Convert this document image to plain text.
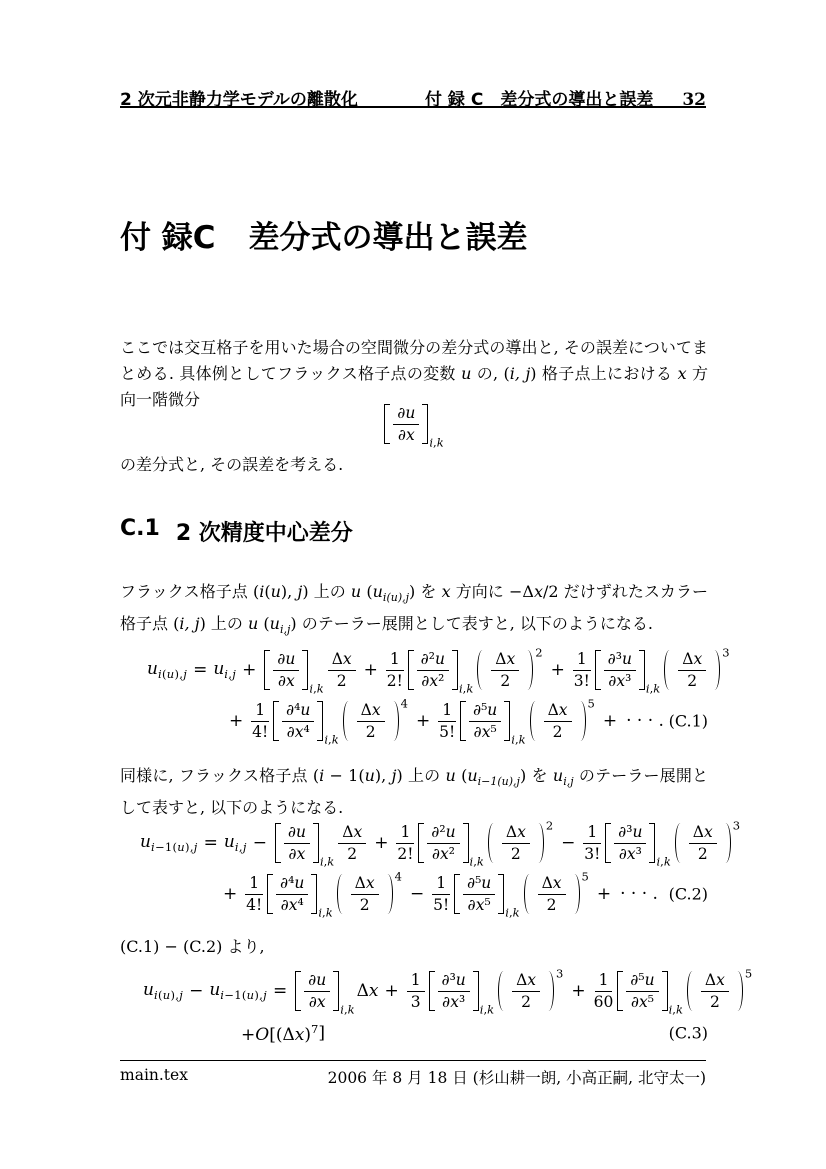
2 次元非静力学モデルの離散化	付 録 C　差分式の導出と誤差 32
付 録C 差分式の導出と誤差

ここでは交互格子を用いた場合の空間微分の差分式の導出と, その誤差についてまとめる. 具体例としてフラックス格子点の変数 u の, (i, j) 格子点上における x 方向一階微分

$\frac{\partial u}{\partial x} i,k$

の差分式と, その誤差を考える.

C.1 2 次精度中心差分

フラックス格子点 (i(u), j) 上の u $(u_{i(u),j})$ を x 方向に −Δx/2 だけずれたスカラー格子点 (i, j) 上の u $(u_{i,j})$ のテーラー展開として表すと, 以下のようになる.

$u_{i(u),j} = u_{i,j} + \frac{\partial u}{\partial x} i,k \frac{\Delta x}{2} + \frac{1}{2!} \frac{\text{∂²u}}{\text{∂x²}} i,k \frac{\Delta x}{2} 2$
+ $\frac{1}{3!} \frac{\text{∂³u}}{\text{∂x³}} i,k \frac{\Delta x}{2} 3$
+ $\frac{1}{4!} \frac{\text{∂⁴u}}{\text{∂x⁴}} i,k \frac{\Delta x}{2} 4$
+ $\frac{1}{5!} \frac{\text{∂⁵u}}{\text{∂x⁵}} i,k \frac{\Delta x}{2} 5$
+ · · · . (C.1)

同様に, フラックス格子点 (i − 1(u), j) 上の u $(u_{i-1(u),j})$ を $u_{i,j}$ のテーラー展開として表すと, 以下のようになる.

$u_{i-1(u),j} = u_{i,j} - \frac{\partial u}{\partial x} i,k \frac{\Delta x}{2} + \frac{1}{2!} \frac{\text{∂²u}}{\text{∂x²}} i,k \frac{\Delta x}{2} 2$
− $\frac{1}{3!} \frac{\text{∂³u}}{\text{∂x³}} i,k \frac{\Delta x}{2} 3$
+ $\frac{1}{4!} \frac{\text{∂⁴u}}{\text{∂x⁴}} i,k \frac{\Delta x}{2} 4$
− $\frac{1}{5!} \frac{\text{∂⁵u}}{\text{∂x⁵}} i,k \frac{\Delta x}{2} 5$
+ · · · . (C.2)

(C.1) − (C.2) より,

$u_{i(u),j} - u_{i-1(u),j} = \frac{\partial u}{\partial x} i,k$
$\Delta x + \frac{1}{3} \frac{\text{∂³u}}{\text{∂x³}} i,k \frac{\Delta x}{2} 3$
+ $\frac{1}{60} \frac{\text{∂⁵u}}{\text{∂x⁵}} i,k \frac{\Delta x}{2} 5$
$+O[(\Delta x)^7$ ]	(C.3)
main.tex	2006 年 8 月 18 日 (杉山耕一朗, 小高正嗣, 北守太一)
